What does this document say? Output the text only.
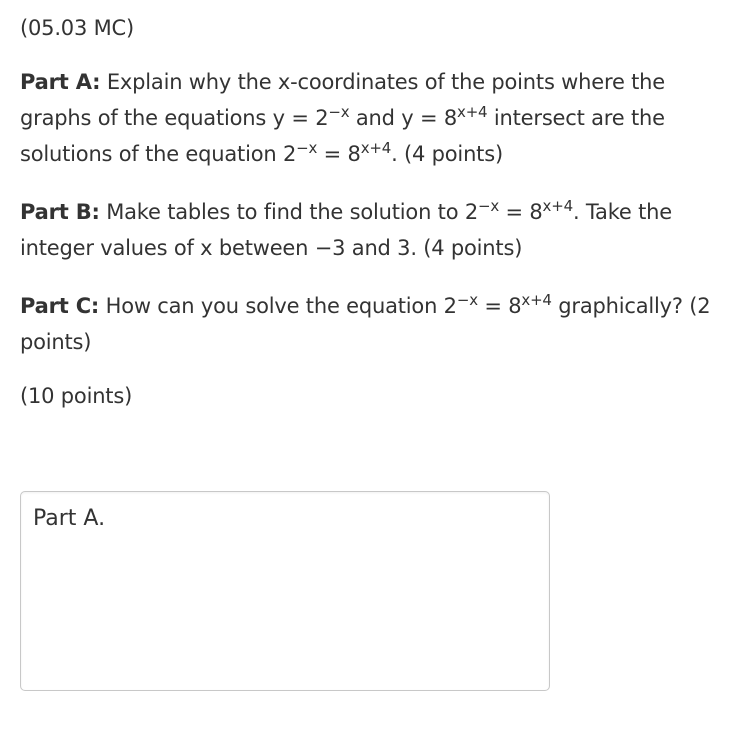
(05.03 MC)

Part A: Explain why the x-coordinates of the points where the graphs of the equations $y = 2^{-x}$ and $y = 8^{x+4}$ intersect are the solutions of the equation $2^{-x} = 8^{x+4}$. (4 points)

Part B: Make tables to find the solution to $2^{-x} = 8^{x+4}$. Take the integer values of x between −3 and 3. (4 points)

Part C: How can you solve the equation $2^{-x} = 8^{x+4}$ graphically? (2 points)

(10 points)

Part A.
